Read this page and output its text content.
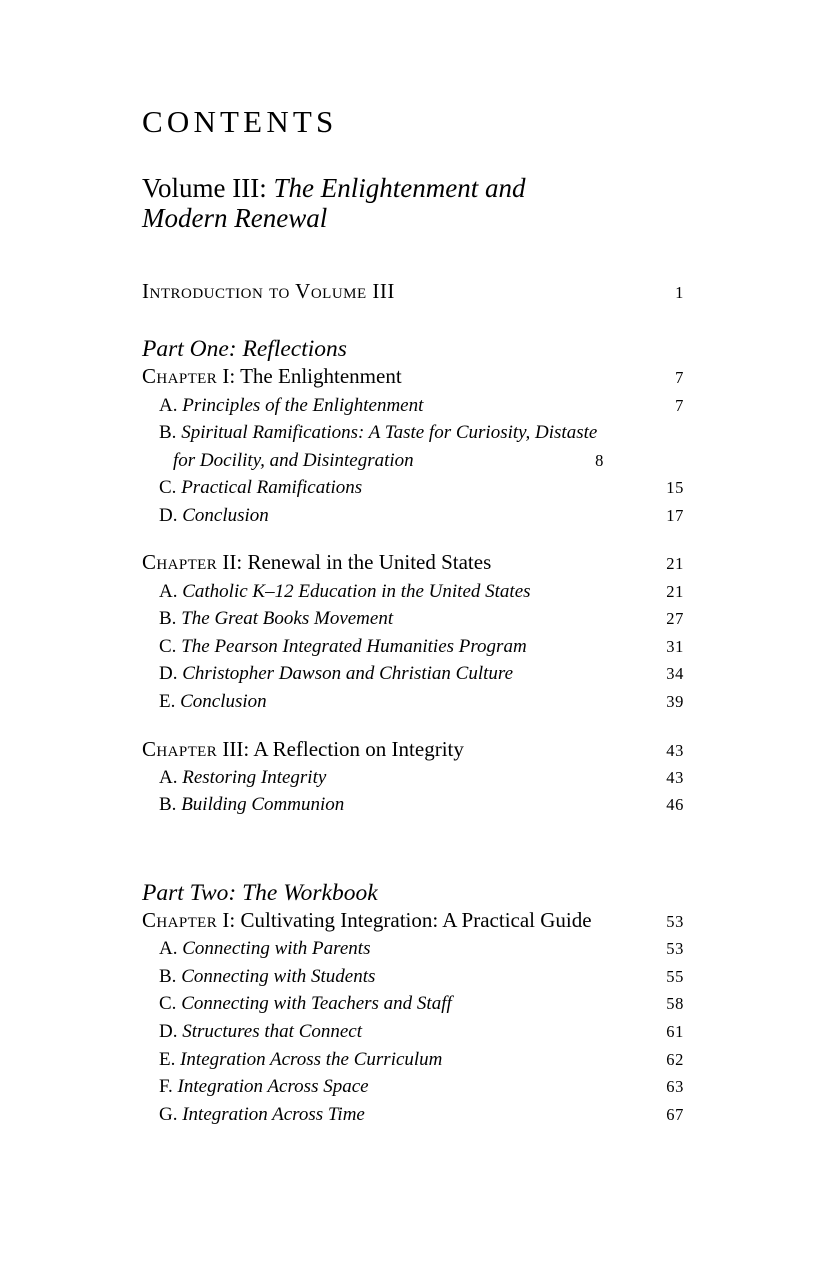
CONTENTS
Volume III: The Enlightenment and Modern Renewal
Introduction to Volume III	1
Part One: Reflections
Chapter I: The Enlightenment	7
A. Principles of the Enlightenment	7
B. Spiritual Ramifications: A Taste for Curiosity, Distaste
for Docility, and Disintegration	8
C. Practical Ramifications	15
D. Conclusion	17
Chapter II: Renewal in the United States	21
A. Catholic K–12 Education in the United States	21
B. The Great Books Movement	27
C. The Pearson Integrated Humanities Program	31
D. Christopher Dawson and Christian Culture	34
E. Conclusion	39
Chapter III: A Reflection on Integrity	43
A. Restoring Integrity	43
B. Building Communion	46
Part Two: The Workbook
Chapter I: Cultivating Integration: A Practical Guide	53
A. Connecting with Parents	53
B. Connecting with Students	55
C. Connecting with Teachers and Staff	58
D. Structures that Connect	61
E. Integration Across the Curriculum	62
F. Integration Across Space	63
G. Integration Across Time	67
